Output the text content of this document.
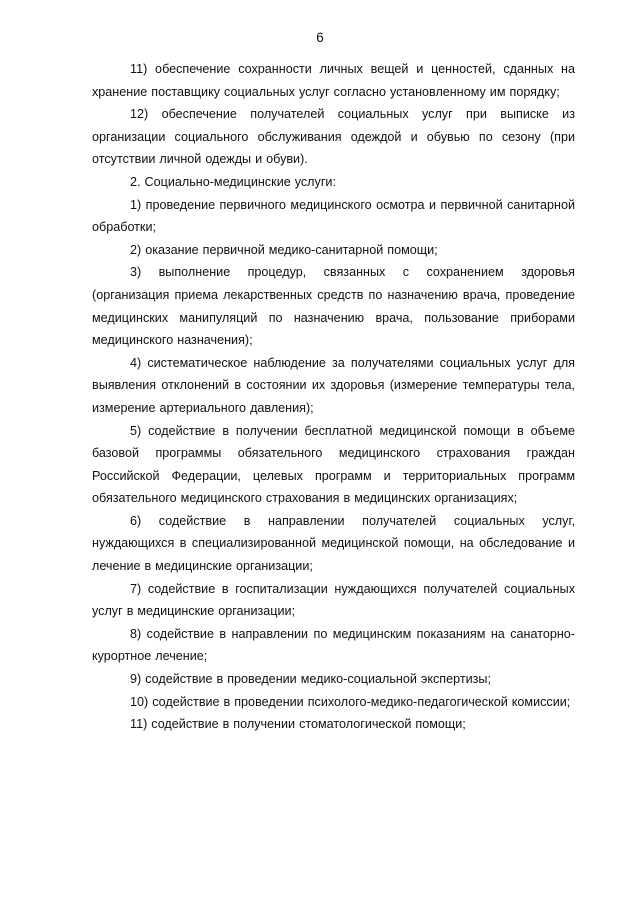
6

11) обеспечение сохранности личных вещей и ценностей, сданных на хранение поставщику социальных услуг согласно установленному им порядку;

12) обеспечение получателей социальных услуг при выписке из организации социального обслуживания одеждой и обувью по сезону (при отсутствии личной одежды и обуви).

2. Социально-медицинские услуги:

1) проведение первичного медицинского осмотра и первичной санитарной обработки;

2) оказание первичной медико-санитарной помощи;

3) выполнение процедур, связанных с сохранением здоровья (организация приема лекарственных средств по назначению врача, проведение медицинских манипуляций по назначению врача, пользование приборами медицинского назначения);

4) систематическое наблюдение за получателями социальных услуг для выявления отклонений в состоянии их здоровья (измерение температуры тела, измерение артериального давления);

5) содействие в получении бесплатной медицинской помощи в объеме базовой программы обязательного медицинского страхования граждан Российской Федерации, целевых программ и территориальных программ обязательного медицинского страхования в медицинских организациях;

6) содействие в направлении получателей социальных услуг, нуждающихся в специализированной медицинской помощи, на обследование и лечение в медицинские организации;

7) содействие в госпитализации нуждающихся получателей социальных услуг в медицинские организации;

8) содействие в направлении по медицинским показаниям на санаторно-курортное лечение;

9) содействие в проведении медико-социальной экспертизы;

10) содействие в проведении психолого-медико-педагогической комиссии;

11) содействие в получении стоматологической помощи;
